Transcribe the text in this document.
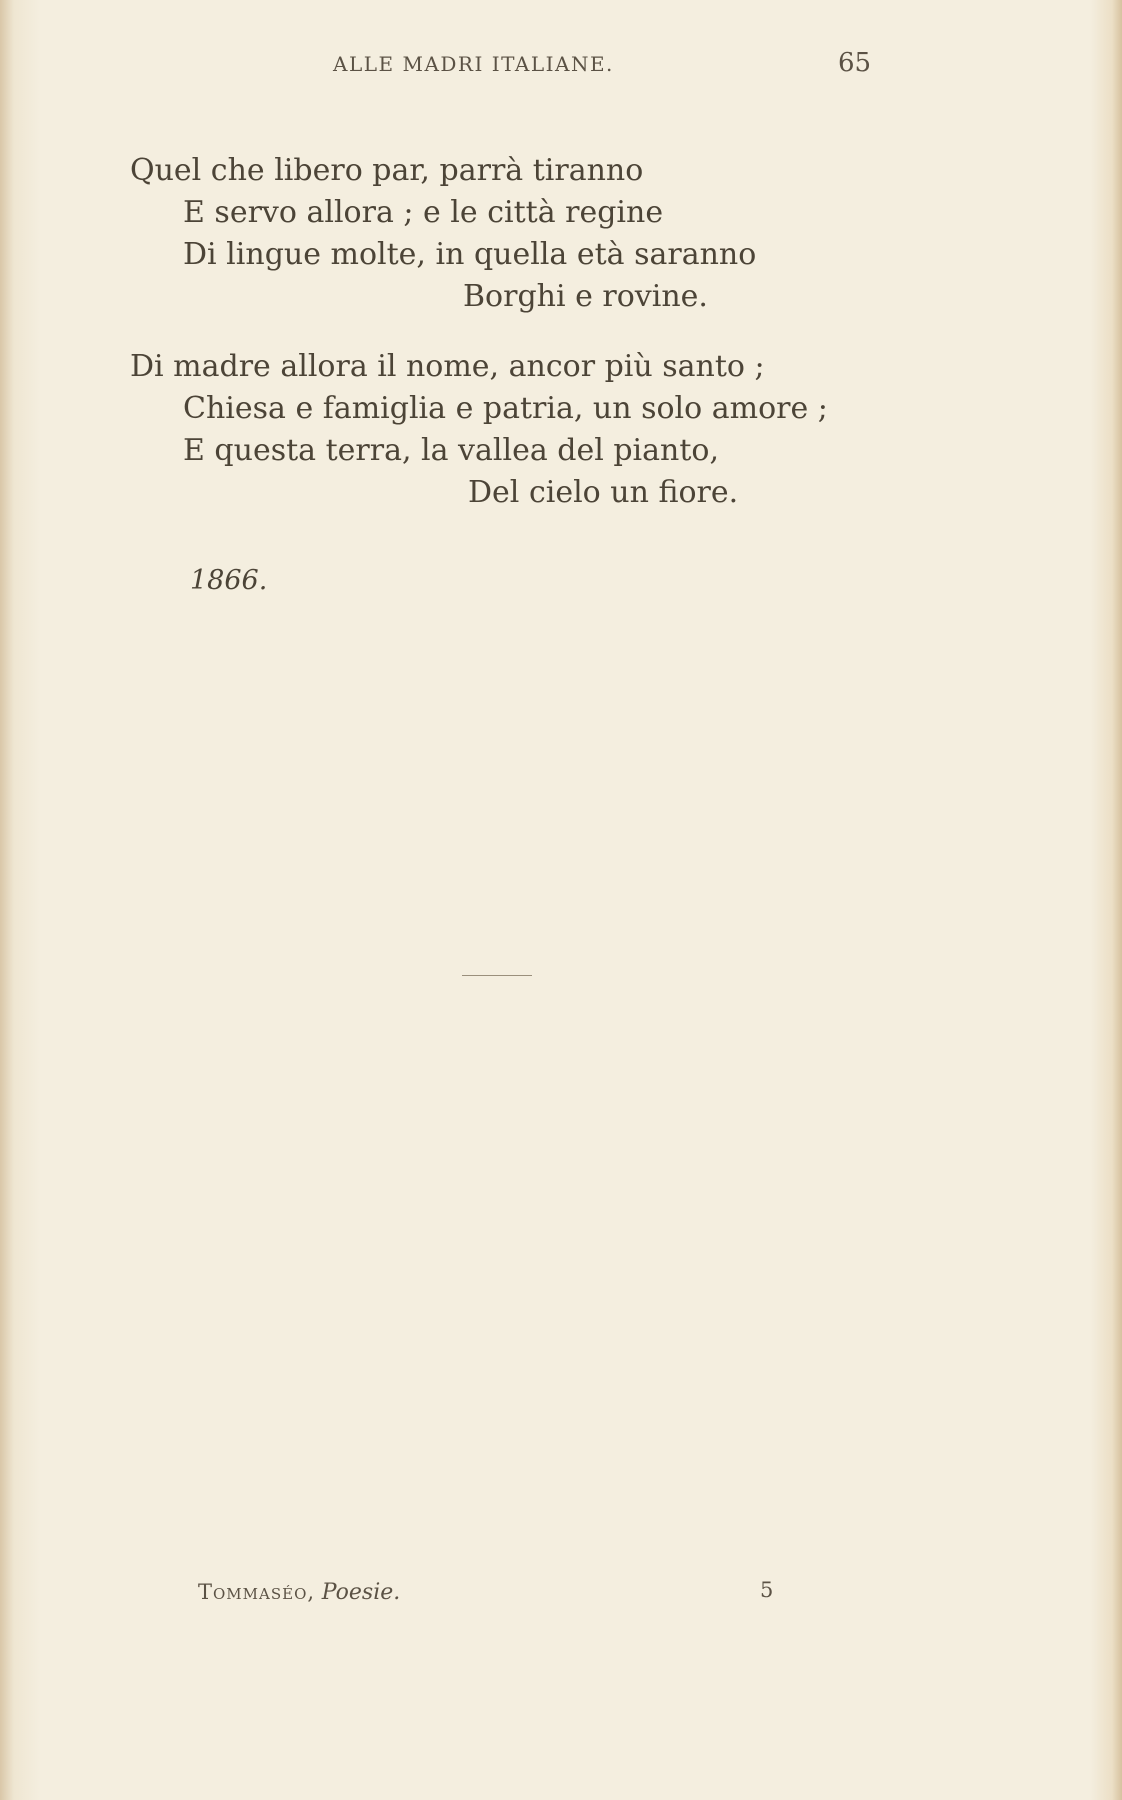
ALLE MADRI ITALIANE.	65
Quel che libero par, parrà tiranno
E servo allora ; e le città regine
Di lingue molte, in quella età saranno
Borghi e rovine.
Di madre allora il nome, ancor più santo ;
Chiesa e famiglia e patria, un solo amore ;
E questa terra, la vallea del pianto,
Del cielo un fiore.
1866.
Tommaséo, Poesie.	5
